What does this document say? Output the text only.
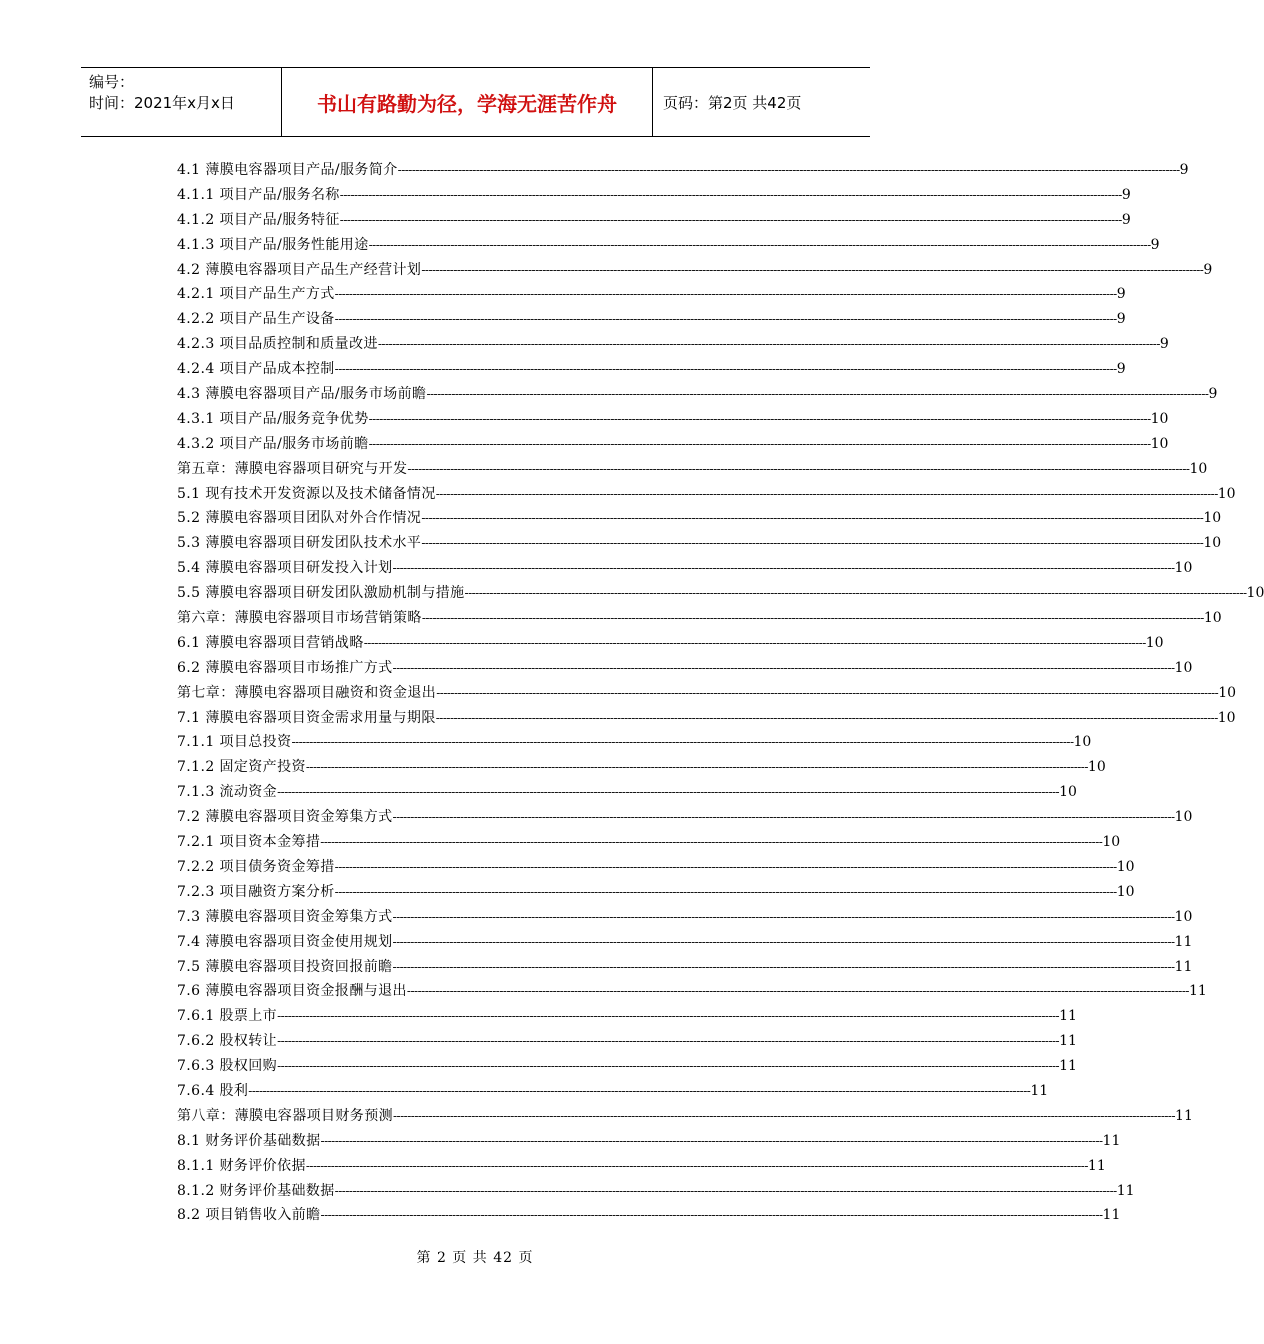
编号：
时间：2021年x月x日	书山有路勤为径，学海无涯苦作舟	页码：第2页 共42页
4.1 薄膜电容器项目产品/服务简介 ---------------------------------------------------------------------------------------------------------------------------------------------------------------------------------------------------------------------------- 9
4.1.1 项目产品/服务名称 ---------------------------------------------------------------------------------------------------------------------------------------------------------------------------------------------------------------------------- 9
4.1.2 项目产品/服务特征 ---------------------------------------------------------------------------------------------------------------------------------------------------------------------------------------------------------------------------- 9
4.1.3 项目产品/服务性能用途 ---------------------------------------------------------------------------------------------------------------------------------------------------------------------------------------------------------------------------- 9
4.2 薄膜电容器项目产品生产经营计划 ---------------------------------------------------------------------------------------------------------------------------------------------------------------------------------------------------------------------------- 9
4.2.1 项目产品生产方式 ---------------------------------------------------------------------------------------------------------------------------------------------------------------------------------------------------------------------------- 9
4.2.2 项目产品生产设备 ---------------------------------------------------------------------------------------------------------------------------------------------------------------------------------------------------------------------------- 9
4.2.3 项目品质控制和质量改进 ---------------------------------------------------------------------------------------------------------------------------------------------------------------------------------------------------------------------------- 9
4.2.4 项目产品成本控制 ---------------------------------------------------------------------------------------------------------------------------------------------------------------------------------------------------------------------------- 9
4.3 薄膜电容器项目产品/服务市场前瞻 ---------------------------------------------------------------------------------------------------------------------------------------------------------------------------------------------------------------------------- 9
4.3.1 项目产品/服务竞争优势 ---------------------------------------------------------------------------------------------------------------------------------------------------------------------------------------------------------------------------- 10
4.3.2 项目产品/服务市场前瞻 ---------------------------------------------------------------------------------------------------------------------------------------------------------------------------------------------------------------------------- 10
第五章：薄膜电容器项目研究与开发 ---------------------------------------------------------------------------------------------------------------------------------------------------------------------------------------------------------------------------- 10
5.1 现有技术开发资源以及技术储备情况 ---------------------------------------------------------------------------------------------------------------------------------------------------------------------------------------------------------------------------- 10
5.2 薄膜电容器项目团队对外合作情况 ---------------------------------------------------------------------------------------------------------------------------------------------------------------------------------------------------------------------------- 10
5.3 薄膜电容器项目研发团队技术水平 ---------------------------------------------------------------------------------------------------------------------------------------------------------------------------------------------------------------------------- 10
5.4 薄膜电容器项目研发投入计划 ---------------------------------------------------------------------------------------------------------------------------------------------------------------------------------------------------------------------------- 10
5.5 薄膜电容器项目研发团队激励机制与措施 ---------------------------------------------------------------------------------------------------------------------------------------------------------------------------------------------------------------------------- 10
第六章：薄膜电容器项目市场营销策略 ---------------------------------------------------------------------------------------------------------------------------------------------------------------------------------------------------------------------------- 10
6.1 薄膜电容器项目营销战略 ---------------------------------------------------------------------------------------------------------------------------------------------------------------------------------------------------------------------------- 10
6.2 薄膜电容器项目市场推广方式 ---------------------------------------------------------------------------------------------------------------------------------------------------------------------------------------------------------------------------- 10
第七章：薄膜电容器项目融资和资金退出 ---------------------------------------------------------------------------------------------------------------------------------------------------------------------------------------------------------------------------- 10
7.1 薄膜电容器项目资金需求用量与期限 ---------------------------------------------------------------------------------------------------------------------------------------------------------------------------------------------------------------------------- 10
7.1.1 项目总投资 ---------------------------------------------------------------------------------------------------------------------------------------------------------------------------------------------------------------------------- 10
7.1.2 固定资产投资 ---------------------------------------------------------------------------------------------------------------------------------------------------------------------------------------------------------------------------- 10
7.1.3 流动资金 ---------------------------------------------------------------------------------------------------------------------------------------------------------------------------------------------------------------------------- 10
7.2 薄膜电容器项目资金筹集方式 ---------------------------------------------------------------------------------------------------------------------------------------------------------------------------------------------------------------------------- 10
7.2.1 项目资本金筹措 ---------------------------------------------------------------------------------------------------------------------------------------------------------------------------------------------------------------------------- 10
7.2.2 项目债务资金筹措 ---------------------------------------------------------------------------------------------------------------------------------------------------------------------------------------------------------------------------- 10
7.2.3 项目融资方案分析 ---------------------------------------------------------------------------------------------------------------------------------------------------------------------------------------------------------------------------- 10
7.3 薄膜电容器项目资金筹集方式 ---------------------------------------------------------------------------------------------------------------------------------------------------------------------------------------------------------------------------- 10
7.4 薄膜电容器项目资金使用规划 ---------------------------------------------------------------------------------------------------------------------------------------------------------------------------------------------------------------------------- 11
7.5 薄膜电容器项目投资回报前瞻 ---------------------------------------------------------------------------------------------------------------------------------------------------------------------------------------------------------------------------- 11
7.6 薄膜电容器项目资金报酬与退出 ---------------------------------------------------------------------------------------------------------------------------------------------------------------------------------------------------------------------------- 11
7.6.1 股票上市 ---------------------------------------------------------------------------------------------------------------------------------------------------------------------------------------------------------------------------- 11
7.6.2 股权转让 ---------------------------------------------------------------------------------------------------------------------------------------------------------------------------------------------------------------------------- 11
7.6.3 股权回购 ---------------------------------------------------------------------------------------------------------------------------------------------------------------------------------------------------------------------------- 11
7.6.4 股利 ---------------------------------------------------------------------------------------------------------------------------------------------------------------------------------------------------------------------------- 11
第八章：薄膜电容器项目财务预测 ---------------------------------------------------------------------------------------------------------------------------------------------------------------------------------------------------------------------------- 11
8.1 财务评价基础数据 ---------------------------------------------------------------------------------------------------------------------------------------------------------------------------------------------------------------------------- 11
8.1.1 财务评价依据 ---------------------------------------------------------------------------------------------------------------------------------------------------------------------------------------------------------------------------- 11
8.1.2 财务评价基础数据 ---------------------------------------------------------------------------------------------------------------------------------------------------------------------------------------------------------------------------- 11
8.2 项目销售收入前瞻 ---------------------------------------------------------------------------------------------------------------------------------------------------------------------------------------------------------------------------- 11
第 2 页 共 42 页
